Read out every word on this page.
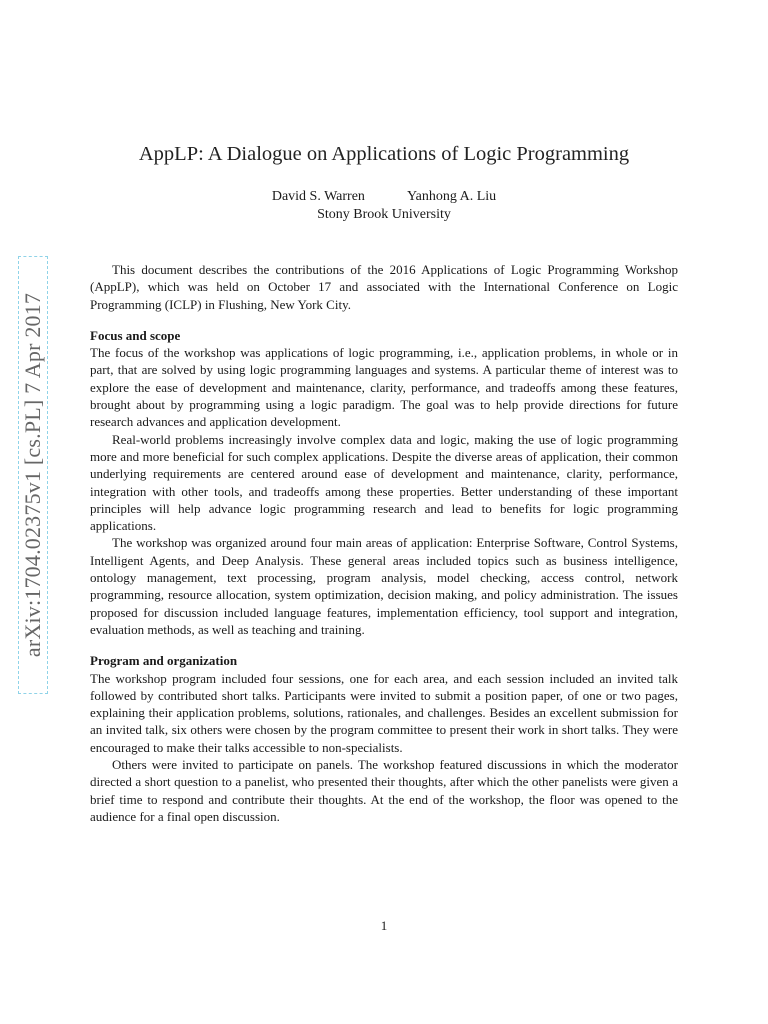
arXiv:1704.02375v1 [cs.PL] 7 Apr 2017
AppLP: A Dialogue on Applications of Logic Programming
David S. Warren	Yanhong A. Liu
Stony Brook University

This document describes the contributions of the 2016 Applications of Logic Programming Workshop (AppLP), which was held on October 17 and associated with the International Conference on Logic Programming (ICLP) in Flushing, New York City.

Focus and scope

The focus of the workshop was applications of logic programming, i.e., application problems, in whole or in part, that are solved by using logic programming languages and systems. A particular theme of interest was to explore the ease of development and maintenance, clarity, performance, and tradeoffs among these features, brought about by programming using a logic paradigm. The goal was to help provide directions for future research advances and application development.

Real-world problems increasingly involve complex data and logic, making the use of logic programming more and more beneficial for such complex applications. Despite the diverse areas of application, their common underlying requirements are centered around ease of development and maintenance, clarity, performance, integration with other tools, and tradeoffs among these properties. Better understanding of these important principles will help advance logic programming research and lead to benefits for logic programming applications.

The workshop was organized around four main areas of application: Enterprise Software, Control Systems, Intelligent Agents, and Deep Analysis. These general areas included topics such as business intelligence, ontology management, text processing, program analysis, model checking, access control, network programming, resource allocation, system optimization, decision making, and policy administration. The issues proposed for discussion included language features, implementation efficiency, tool support and integration, evaluation methods, as well as teaching and training.

Program and organization

The workshop program included four sessions, one for each area, and each session included an invited talk followed by contributed short talks. Participants were invited to submit a position paper, of one or two pages, explaining their application problems, solutions, rationales, and challenges. Besides an excellent submission for an invited talk, six others were chosen by the program committee to present their work in short talks. They were encouraged to make their talks accessible to non-specialists.

Others were invited to participate on panels. The workshop featured discussions in which the moderator directed a short question to a panelist, who presented their thoughts, after which the other panelists were given a brief time to respond and contribute their thoughts. At the end of the workshop, the floor was opened to the audience for a final open discussion.

1
